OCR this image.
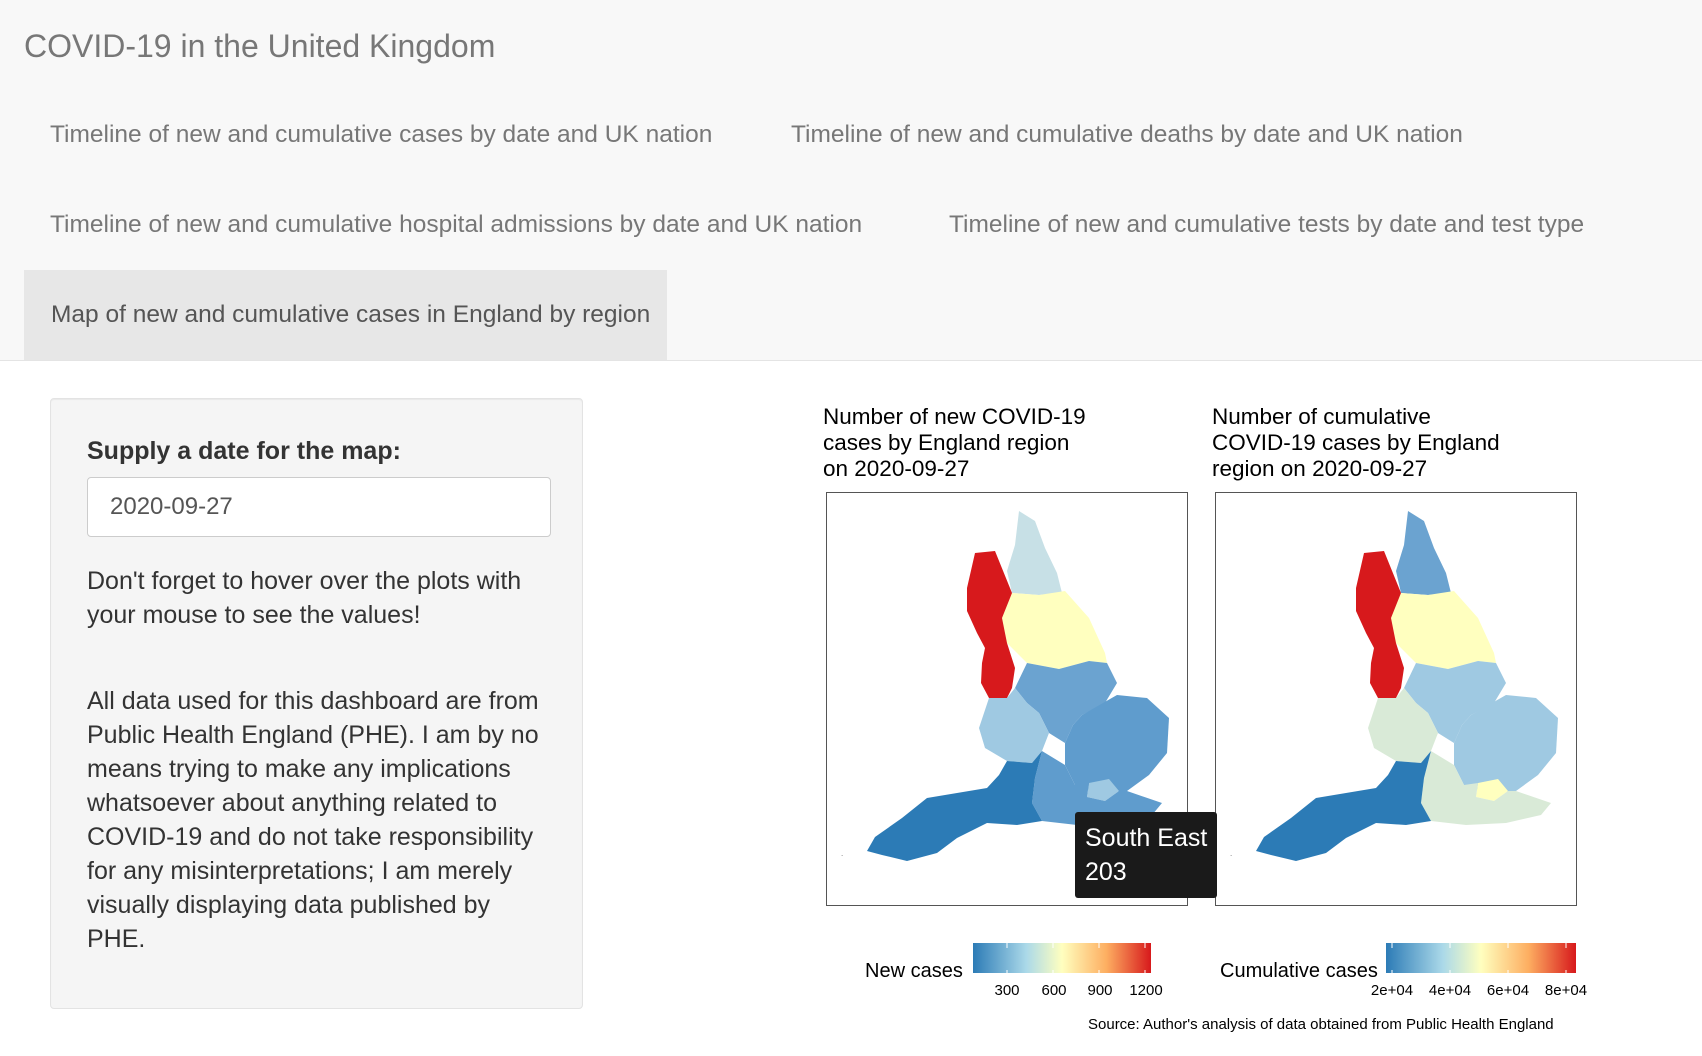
COVID-19 in the United Kingdom
Timeline of new and cumulative cases by date and UK nation	Timeline of new and cumulative deaths by date and UK nation
Timeline of new and cumulative hospital admissions by date and UK nation	Timeline of new and cumulative tests by date and test type
Map of new and cumulative cases in England by region
Supply a date for the map:
2020-09-27
Don't forget to hover over the plots with your mouse to see the values!
All data used for this dashboard are from Public Health England (PHE). I am by no means trying to make any implications whatsoever about anything related to COVID-19 and do not take responsibility for any misinterpretations; I am merely visually displaying data published by PHE.
Number of new COVID-19
cases by England region
on 2020-09-27
·
Number of cumulative
COVID-19 cases by England
region on 2020-09-27
·
New cases
300 600 900 1200
Cumulative cases
2e+04 4e+04 6e+04 8e+04
Source: Author's analysis of data obtained from Public Health England
South East
203
